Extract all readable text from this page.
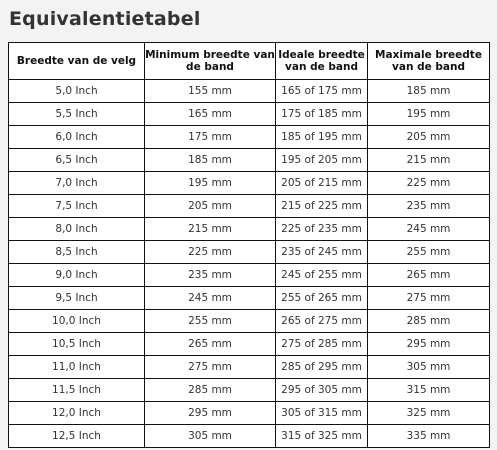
Equivalentietabel
Breedte van de velg	Minimum breedte van de band	Ideale breedte van de band	Maximale breedte van de band
5,0 Inch	155 mm	165 of 175 mm	185 mm
5,5 Inch	165 mm	175 of 185 mm	195 mm
6,0 Inch	175 mm	185 of 195 mm	205 mm
6,5 Inch	185 mm	195 of 205 mm	215 mm
7,0 Inch	195 mm	205 of 215 mm	225 mm
7,5 Inch	205 mm	215 of 225 mm	235 mm
8,0 Inch	215 mm	225 of 235 mm	245 mm
8,5 Inch	225 mm	235 of 245 mm	255 mm
9,0 Inch	235 mm	245 of 255 mm	265 mm
9,5 Inch	245 mm	255 of 265 mm	275 mm
10,0 Inch	255 mm	265 of 275 mm	285 mm
10,5 Inch	265 mm	275 of 285 mm	295 mm
11,0 Inch	275 mm	285 of 295 mm	305 mm
11,5 Inch	285 mm	295 of 305 mm	315 mm
12,0 Inch	295 mm	305 of 315 mm	325 mm
12,5 Inch	305 mm	315 of 325 mm	335 mm
